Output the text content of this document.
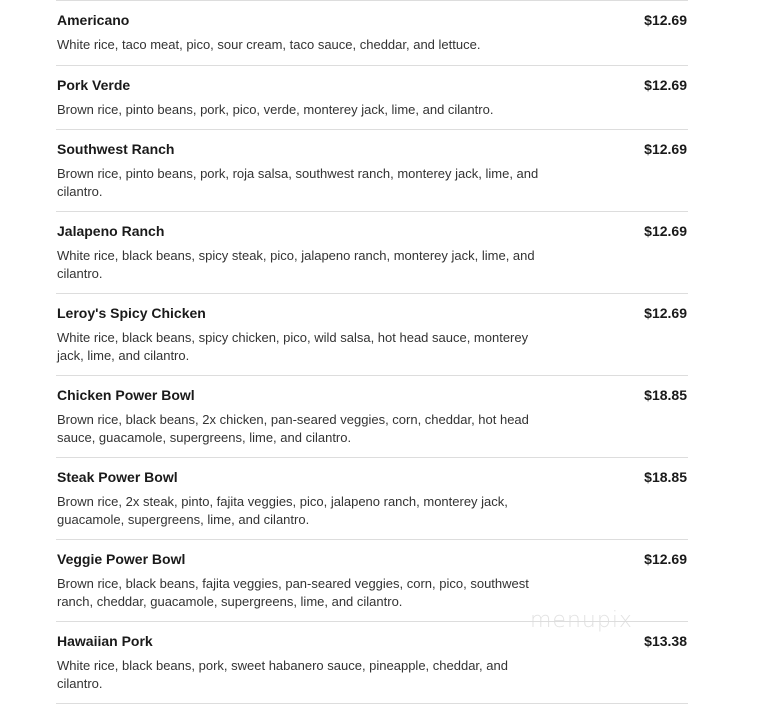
Americano	$12.69

White rice, taco meat, pico, sour cream, taco sauce, cheddar, and lettuce.

Pork Verde	$12.69

Brown rice, pinto beans, pork, pico, verde, monterey jack, lime, and cilantro.

Southwest Ranch	$12.69

Brown rice, pinto beans, pork, roja salsa, southwest ranch, monterey jack, lime, and cilantro.

Jalapeno Ranch	$12.69

White rice, black beans, spicy steak, pico, jalapeno ranch, monterey jack, lime, and cilantro.

Leroy's Spicy Chicken	$12.69

White rice, black beans, spicy chicken, pico, wild salsa, hot head sauce, monterey jack, lime, and cilantro.

Chicken Power Bowl	$18.85

Brown rice, black beans, 2x chicken, pan-seared veggies, corn, cheddar, hot head sauce, guacamole, supergreens, lime, and cilantro.

Steak Power Bowl	$18.85

Brown rice, 2x steak, pinto, fajita veggies, pico, jalapeno ranch, monterey jack, guacamole, supergreens, lime, and cilantro.

Veggie Power Bowl	$12.69

Brown rice, black beans, fajita veggies, pan-seared veggies, corn, pico, southwest ranch, cheddar, guacamole, supergreens, lime, and cilantro.

Hawaiian Pork	$13.38

White rice, black beans, pork, sweet habanero sauce, pineapple, cheddar, and cilantro.

menupix
